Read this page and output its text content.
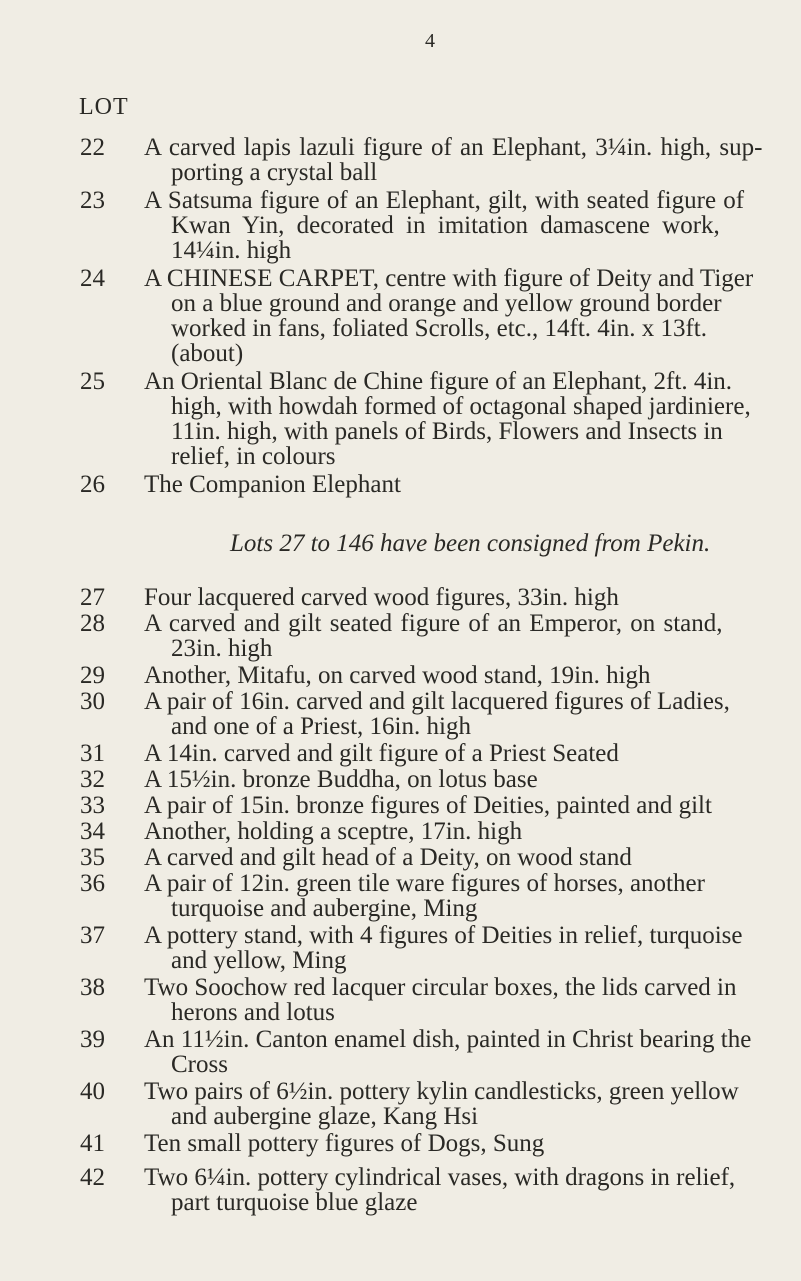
4
LOT
22 A carved lapis lazuli figure of an Elephant, 3¼in. high, sup-
porting a crystal ball
23 A Satsuma figure of an Elephant, gilt, with seated figure of
Kwan Yin, decorated in imitation damascene work,
14¼in. high
24 A CHINESE CARPET, centre with figure of Deity and Tiger
on a blue ground and orange and yellow ground border
worked in fans, foliated Scrolls, etc., 14ft. 4in. x 13ft.
(about)
25 An Oriental Blanc de Chine figure of an Elephant, 2ft. 4in.
high, with howdah formed of octagonal shaped jardiniere,
11in. high, with panels of Birds, Flowers and Insects in
relief, in colours
26 The Companion Elephant
Lots 27 to 146 have been consigned from Pekin.
27 Four lacquered carved wood figures, 33in. high
28 A carved and gilt seated figure of an Emperor, on stand,
23in. high
29 Another, Mitafu, on carved wood stand, 19in. high
30 A pair of 16in. carved and gilt lacquered figures of Ladies,
and one of a Priest, 16in. high
31 A 14in. carved and gilt figure of a Priest Seated
32 A 15½in. bronze Buddha, on lotus base
33 A pair of 15in. bronze figures of Deities, painted and gilt
34 Another, holding a sceptre, 17in. high
35 A carved and gilt head of a Deity, on wood stand
36 A pair of 12in. green tile ware figures of horses, another
turquoise and aubergine, Ming
37 A pottery stand, with 4 figures of Deities in relief, turquoise
and yellow, Ming
38 Two Soochow red lacquer circular boxes, the lids carved in
herons and lotus
39 An 11½in. Canton enamel dish, painted in Christ bearing the
Cross
40 Two pairs of 6½in. pottery kylin candlesticks, green yellow
and aubergine glaze, Kang Hsi
41 Ten small pottery figures of Dogs, Sung
42 Two 6¼in. pottery cylindrical vases, with dragons in relief,
part turquoise blue glaze
